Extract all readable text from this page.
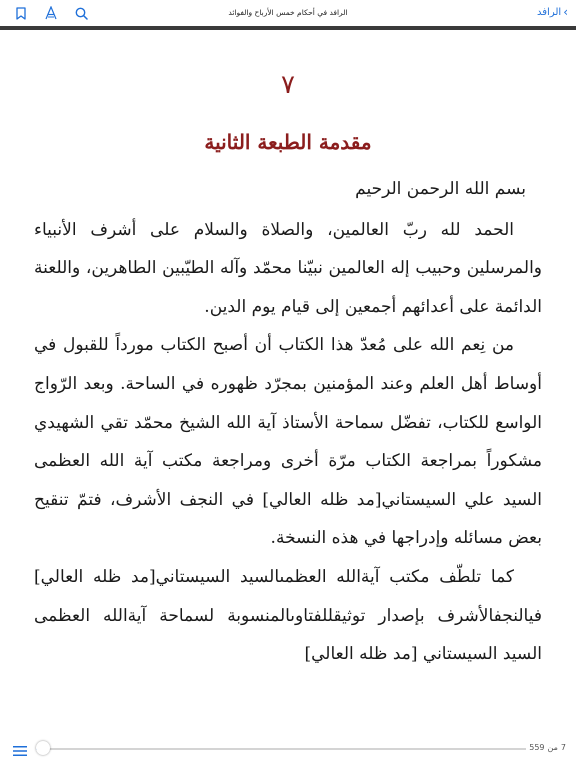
›
الرافد
الرافد في أحكام خمس الأرباح والفوائد
٧
مقدمة الطبعة الثانية

بسم الله الرحمن الرحيم

الحمد لله ربّ العالمين، والصلاة والسلام على أشرف الأنبياء والمرسلين وحبيب إله العالمين نبيّنا محمّد وآله الطيّبين الطاهرين، واللعنة الدائمة على أعدائهم أجمعين إلى قيام يوم الدين.

من نِعم الله على مُعدّ هذا الكتاب أن أصبح الكتاب مورداً للقبول في أوساط أهل العلم وعند المؤمنين بمجرّد ظهوره في الساحة. وبعد الرّواج الواسع للكتاب، تفضّل سماحة الأستاذ آية الله الشيخ محمّد تقي الشهيدي مشكوراً بمراجعة الكتاب مرّة أخرى ومراجعة مكتب آية الله العظمى السيد علي السيستاني[مد ظله العالي] في النجف الأشرف، فتمّ تنقيح بعض مسائله وإدراجها في هذه النسخة.

كما تلطّف مكتب آيةالله العظمىالسيد السيستاني[مد ظله العالي] فيالنجفالأشرف بإصدار توثيقللفتاوىالمنسوبة لسماحة آيةالله العظمى السيد السيستاني [مد ظله العالي]

7
من
559
